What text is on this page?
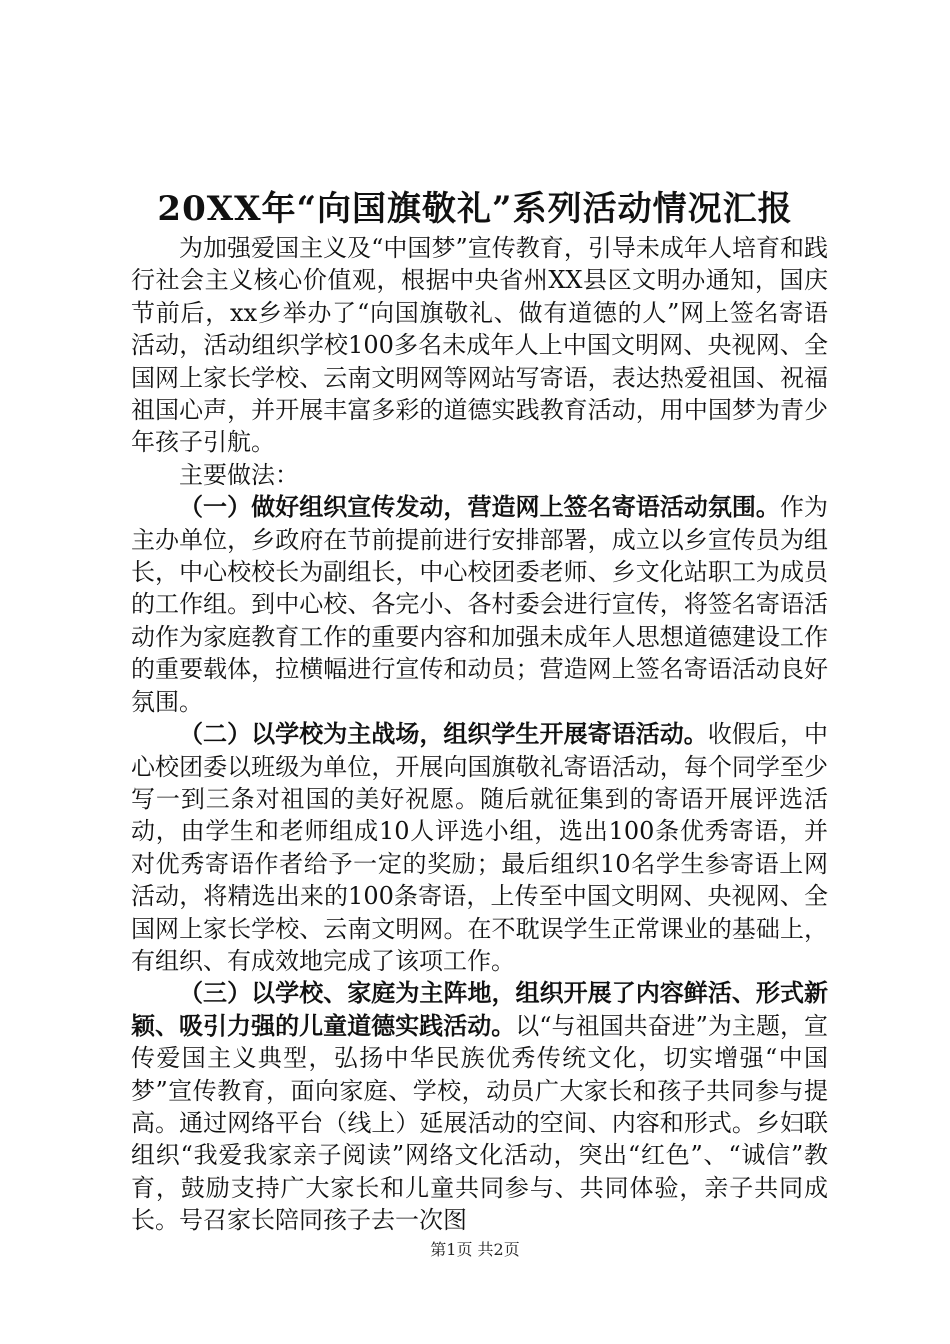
20XX年“向国旗敬礼”系列活动情况汇报

为加强爱国主义及“中国梦”宣传教育，引导未成年人培育和践行社会主义核心价值观，根据中央省州XX县区文明办通知，国庆节前后，xx乡举办了“向国旗敬礼、做有道德的人”网上签名寄语活动，活动组织学校100多名未成年人上中国文明网、央视网、全国网上家长学校、云南文明网等网站写寄语，表达热爱祖国、祝福祖国心声，并开展丰富多彩的道德实践教育活动，用中国梦为青少年孩子引航。

主要做法：

（一）做好组织宣传发动，营造网上签名寄语活动氛围。作为主办单位，乡政府在节前提前进行安排部署，成立以乡宣传员为组长，中心校校长为副组长，中心校团委老师、乡文化站职工为成员的工作组。到中心校、各完小、各村委会进行宣传，将签名寄语活动作为家庭教育工作的重要内容和加强未成年人思想道德建设工作的重要载体，拉横幅进行宣传和动员；营造网上签名寄语活动良好氛围。

（二）以学校为主战场，组织学生开展寄语活动。收假后，中心校团委以班级为单位，开展向国旗敬礼寄语活动，每个同学至少写一到三条对祖国的美好祝愿。随后就征集到的寄语开展评选活动，由学生和老师组成10人评选小组，选出100条优秀寄语，并对优秀寄语作者给予一定的奖励；最后组织10名学生参寄语上网活动，将精选出来的100条寄语，上传至中国文明网、央视网、全国网上家长学校、云南文明网。在不耽误学生正常课业的基础上，有组织、有成效地完成了该项工作。

（三）以学校、家庭为主阵地，组织开展了内容鲜活、形式新颖、吸引力强的儿童道德实践活动。以“与祖国共奋进”为主题，宣传爱国主义典型，弘扬中华民族优秀传统文化，切实增强“中国梦”宣传教育，面向家庭、学校，动员广大家长和孩子共同参与提高。通过网络平台（线上）延展活动的空间、内容和形式。乡妇联组织“我爱我家亲子阅读”网络文化活动，突出“红色”、“诚信”教育，鼓励支持广大家长和儿童共同参与、共同体验，亲子共同成长。号召家长陪同孩子去一次图

第1页 共2页
